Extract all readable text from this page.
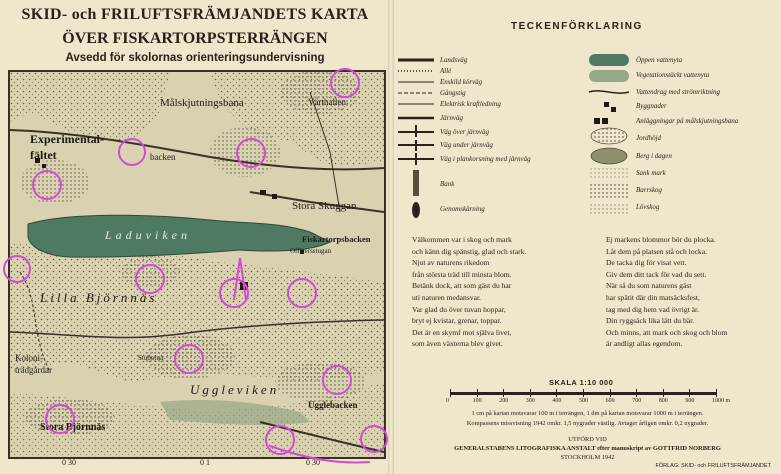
SKID- och FRILUFTSFRÄMJANDETS KARTA
ÖVER FISKARTORPSTERRÄNGEN
Avsedd för skolornas orienteringsundervisning
Målskjutningsbana	Värthallen
Experimental-
fältet	backen
Stora Skuggan
Laduviken	Fiskartorpsbacken
Officersstugan
Lilla Björnnäs
Koloni-
trädgårdar
Stuborna
Uggleviken
Ugglebacken
Stora Björnnäs
0 30	0 1	0 30
TECKENFÖRKLARING
Landsväg
Allé
Enskild körväg
Gångstig
Elektrisk kraftledning
Järnväg
Väg över järnväg
Väg under järnväg
Väg i plankorsning med järnväg
Bank
Genomskärning
Öppen vattenyta
Vegetationstäckt vattenyta
Vattendrag med strömriktning
Byggnader
Anläggningar på målskjutningsbana
Jordhöjd
Berg i dagen
Sank mark
Barrskog
Lövskog
Välkommen var i skog och mark
och känn dig spänstig, glad och stark.
Njut av naturens rikedom
från största träd till minsta blom.
Betänk dock, att som gäst du har
uti naturen medansvar.
Var glad du över tuvan hoppar,
bryt ej kvistar, grenar, toppar.
Det är en skymf mot själva livet,
som även växterna blev givet.
Ej markens blommor bör du plocka.
Låt dem på platsen stå och locka.
De tacka dig för visat vett.
Giv dem ditt tack för vad du sett.
När så du som naturens gäst
har spätit där din matsäcksfest,
tag med dig hem vad övrigt är.
Din ryggsäck lika lätt du bär.
Och minns, att mark och skog och blom
är andligt allas egendom.
SKALA 1:10 000
0	100	200	300	400	500	600	700	800	900	1000 m
1 cm på kartan motsvarar 100 m i terrängen, 1 dm på kartan motsvarar 1000 m i terrängen.
Kompassens missvisning 1942 omkr. 1,5 nygrader västlig. Avtager årligen omkr. 0,2 nygrader.
UTFÖRD VID
GENERALSTABENS LITOGRAFISKA ANSTALT efter manuskript av GOTTFRID NORBERG
STOCKHOLM 1942
FÖRLAG: SKID- och FRILUFTSFRÄMJANDET
